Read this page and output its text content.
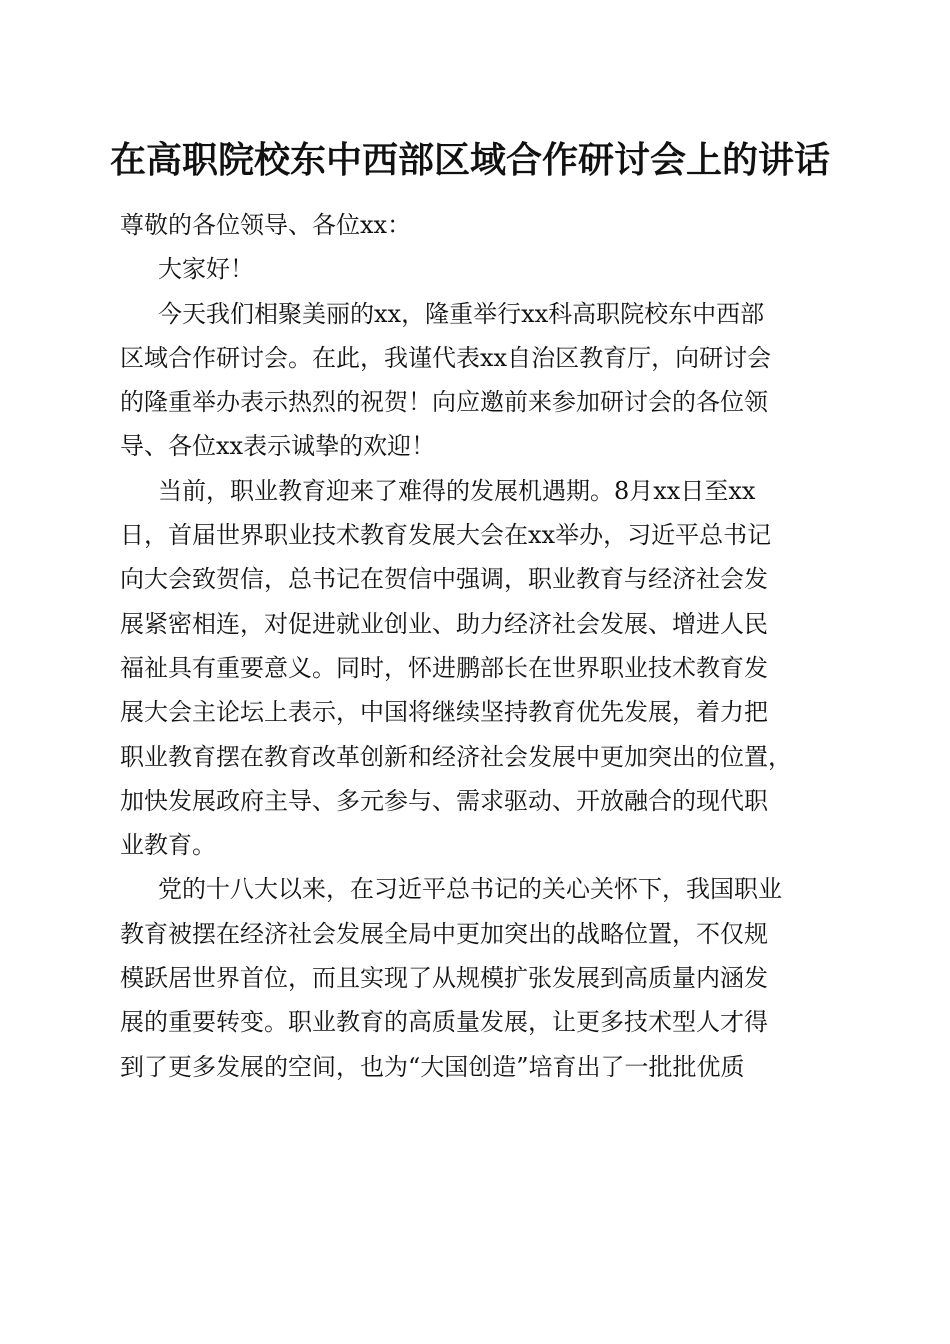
在高职院校东中西部区域合作研讨会上的讲话
尊敬的各位领导、各位xx：
大家好！
今天我们相聚美丽的xx，隆重举行xx科高职院校东中西部
区域合作研讨会。在此，我谨代表xx自治区教育厅，向研讨会
的隆重举办表示热烈的祝贺！向应邀前来参加研讨会的各位领
导、各位xx表示诚挚的欢迎！
当前，职业教育迎来了难得的发展机遇期。8月xx日至xx
日，首届世界职业技术教育发展大会在xx举办，习近平总书记
向大会致贺信，总书记在贺信中强调，职业教育与经济社会发
展紧密相连，对促进就业创业、助力经济社会发展、增进人民
福祉具有重要意义。同时，怀进鹏部长在世界职业技术教育发
展大会主论坛上表示，中国将继续坚持教育优先发展，着力把
职业教育摆在教育改革创新和经济社会发展中更加突出的位置，
加快发展政府主导、多元参与、需求驱动、开放融合的现代职
业教育。
党的十八大以来，在习近平总书记的关心关怀下，我国职业
教育被摆在经济社会发展全局中更加突出的战略位置，不仅规
模跃居世界首位，而且实现了从规模扩张发展到高质量内涵发
展的重要转变。职业教育的高质量发展，让更多技术型人才得
到了更多发展的空间，也为“大国创造”培育出了一批批优质
